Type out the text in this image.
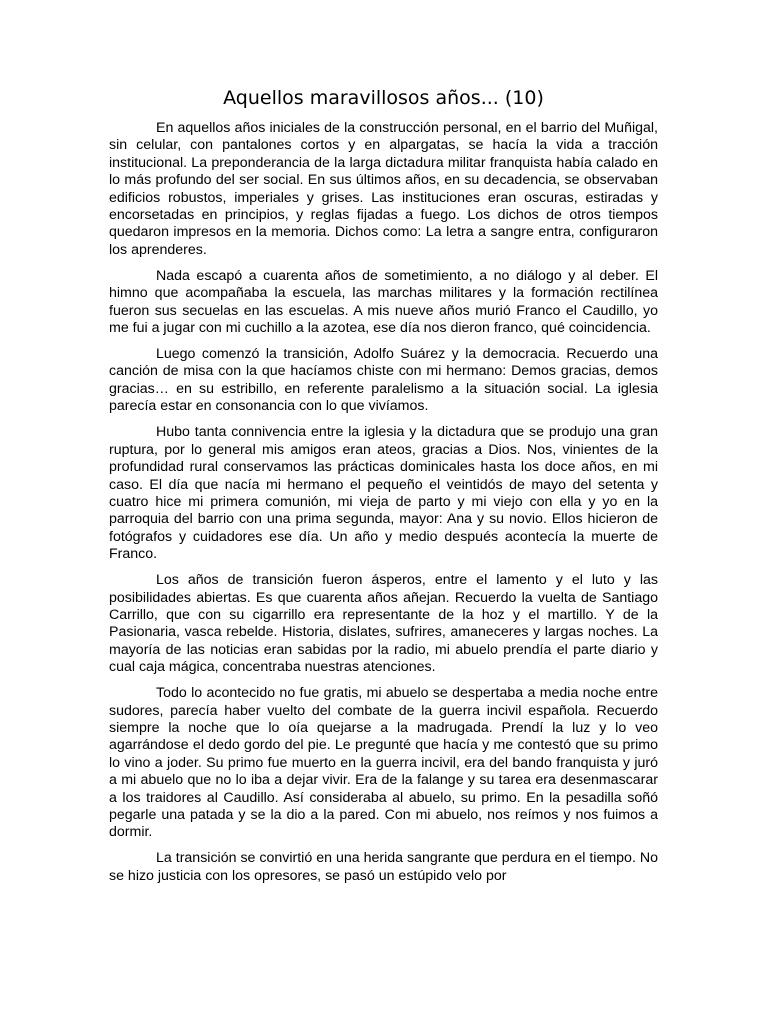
Aquellos maravillosos años... (10)

En aquellos años iniciales de la construcción personal, en el barrio del Muñigal, sin celular, con pantalones cortos y en alpargatas, se hacía la vida a tracción institucional. La preponderancia de la larga dictadura militar franquista había calado en lo más profundo del ser social. En sus últimos años, en su decadencia, se observaban edificios robustos, imperiales y grises. Las instituciones eran oscuras, estiradas y encorsetadas en principios, y reglas fijadas a fuego. Los dichos de otros tiempos quedaron impresos en la memoria. Dichos como: La letra a sangre entra, configuraron los aprenderes.

Nada escapó a cuarenta años de sometimiento, a no diálogo y al deber. El himno que acompañaba la escuela, las marchas militares y la formación rectilínea fueron sus secuelas en las escuelas. A mis nueve años murió Franco el Caudillo, yo me fui a jugar con mi cuchillo a la azotea, ese día nos dieron franco, qué coincidencia.

Luego comenzó la transición, Adolfo Suárez y la democracia. Recuerdo una canción de misa con la que hacíamos chiste con mi hermano: Demos gracias, demos gracias… en su estribillo, en referente paralelismo a la situación social. La iglesia parecía estar en consonancia con lo que vivíamos.

Hubo tanta connivencia entre la iglesia y la dictadura que se produjo una gran ruptura, por lo general mis amigos eran ateos, gracias a Dios. Nos, vinientes de la profundidad rural conservamos las prácticas dominicales hasta los doce años, en mi caso. El día que nacía mi hermano el pequeño el veintidós de mayo del setenta y cuatro hice mi primera comunión, mi vieja de parto y mi viejo con ella y yo en la parroquia del barrio con una prima segunda, mayor: Ana y su novio. Ellos hicieron de fotógrafos y cuidadores ese día. Un año y medio después acontecía la muerte de Franco.

Los años de transición fueron ásperos, entre el lamento y el luto y las posibilidades abiertas. Es que cuarenta años añejan. Recuerdo la vuelta de Santiago Carrillo, que con su cigarrillo era representante de la hoz y el martillo. Y de la Pasionaria, vasca rebelde. Historia, dislates, sufrires, amaneceres y largas noches. La mayoría de las noticias eran sabidas por la radio, mi abuelo prendía el parte diario y cual caja mágica, concentraba nuestras atenciones.

Todo lo acontecido no fue gratis, mi abuelo se despertaba a media noche entre sudores, parecía haber vuelto del combate de la guerra incivil española. Recuerdo siempre la noche que lo oía quejarse a la madrugada. Prendí la luz y lo veo agarrándose el dedo gordo del pie. Le pregunté que hacía y me contestó que su primo lo vino a joder. Su primo fue muerto en la guerra incivil, era del bando franquista y juró a mi abuelo que no lo iba a dejar vivir. Era de la falange y su tarea era desenmascarar a los traidores al Caudillo. Así consideraba al abuelo, su primo. En la pesadilla soñó pegarle una patada y se la dio a la pared. Con mi abuelo, nos reímos y nos fuimos a dormir.

La transición se convirtió en una herida sangrante que perdura en el tiempo. No se hizo justicia con los opresores, se pasó un estúpido velo por
